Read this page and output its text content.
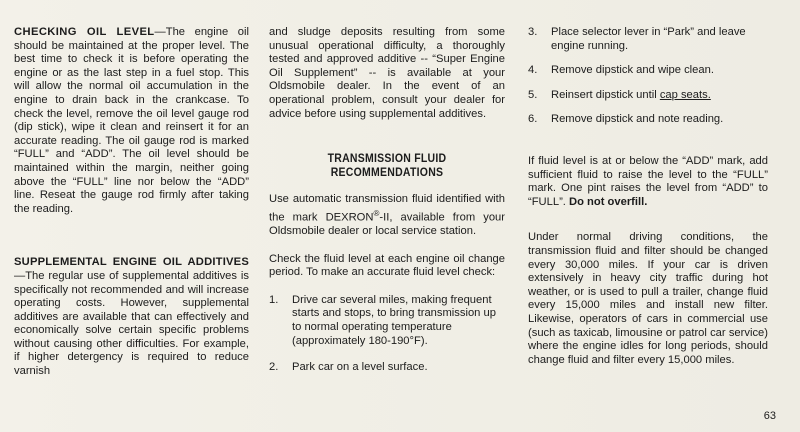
CHECKING OIL LEVEL—The engine oil should be maintained at the proper level. The best time to check it is before operating the engine or as the last step in a fuel stop. This will allow the normal oil accumulation in the engine to drain back in the crankcase. To check the level, remove the oil level gauge rod (dip stick), wipe it clean and reinsert it for an accurate reading. The oil gauge rod is marked “FULL” and “ADD”. The oil level should be maintained within the margin, neither going above the “FULL” line nor below the “ADD” line. Reseat the gauge rod firmly after taking the reading.

SUPPLEMENTAL ENGINE OIL ADDITIVES—The regular use of supplemental additives is specifically not recommended and will increase operating costs. However, supplemental additives are available that can effectively and economically solve certain specific problems without causing other difficulties. For example, if higher detergency is required to reduce varnish

and sludge deposits resulting from some unusual operational difficulty, a thoroughly tested and approved additive -- “Super Engine Oil Supplement” -- is available at your Oldsmobile dealer. In the event of an operational problem, consult your dealer for advice before using supplemental additives.

TRANSMISSION FLUID

RECOMMENDATIONS

Use automatic transmission fluid identified with the mark DEXRON®-II, available from your Oldsmobile dealer or local service station.

Check the fluid level at each engine oil change period. To make an accurate fluid level check:

1. Drive car several miles, making frequent starts and stops, to bring transmission up to normal operating temperature (approximately 180-190°F).
2. Park car on a level surface.
3. Place selector lever in “Park” and leave engine running.
4. Remove dipstick and wipe clean.
5. Reinsert dipstick until cap seats.
6. Remove dipstick and note reading.

If fluid level is at or below the “ADD” mark, add sufficient fluid to raise the level to the “FULL” mark. One pint raises the level from “ADD” to “FULL”. Do not overfill.

Under normal driving conditions, the transmission fluid and filter should be changed every 30,000 miles. If your car is driven extensively in heavy city traffic during hot weather, or is used to pull a trailer, change fluid every 15,000 miles and install new filter. Likewise, operators of cars in commercial use (such as taxicab, limousine or patrol car service) where the engine idles for long periods, should change fluid and filter every 15,000 miles.

63
